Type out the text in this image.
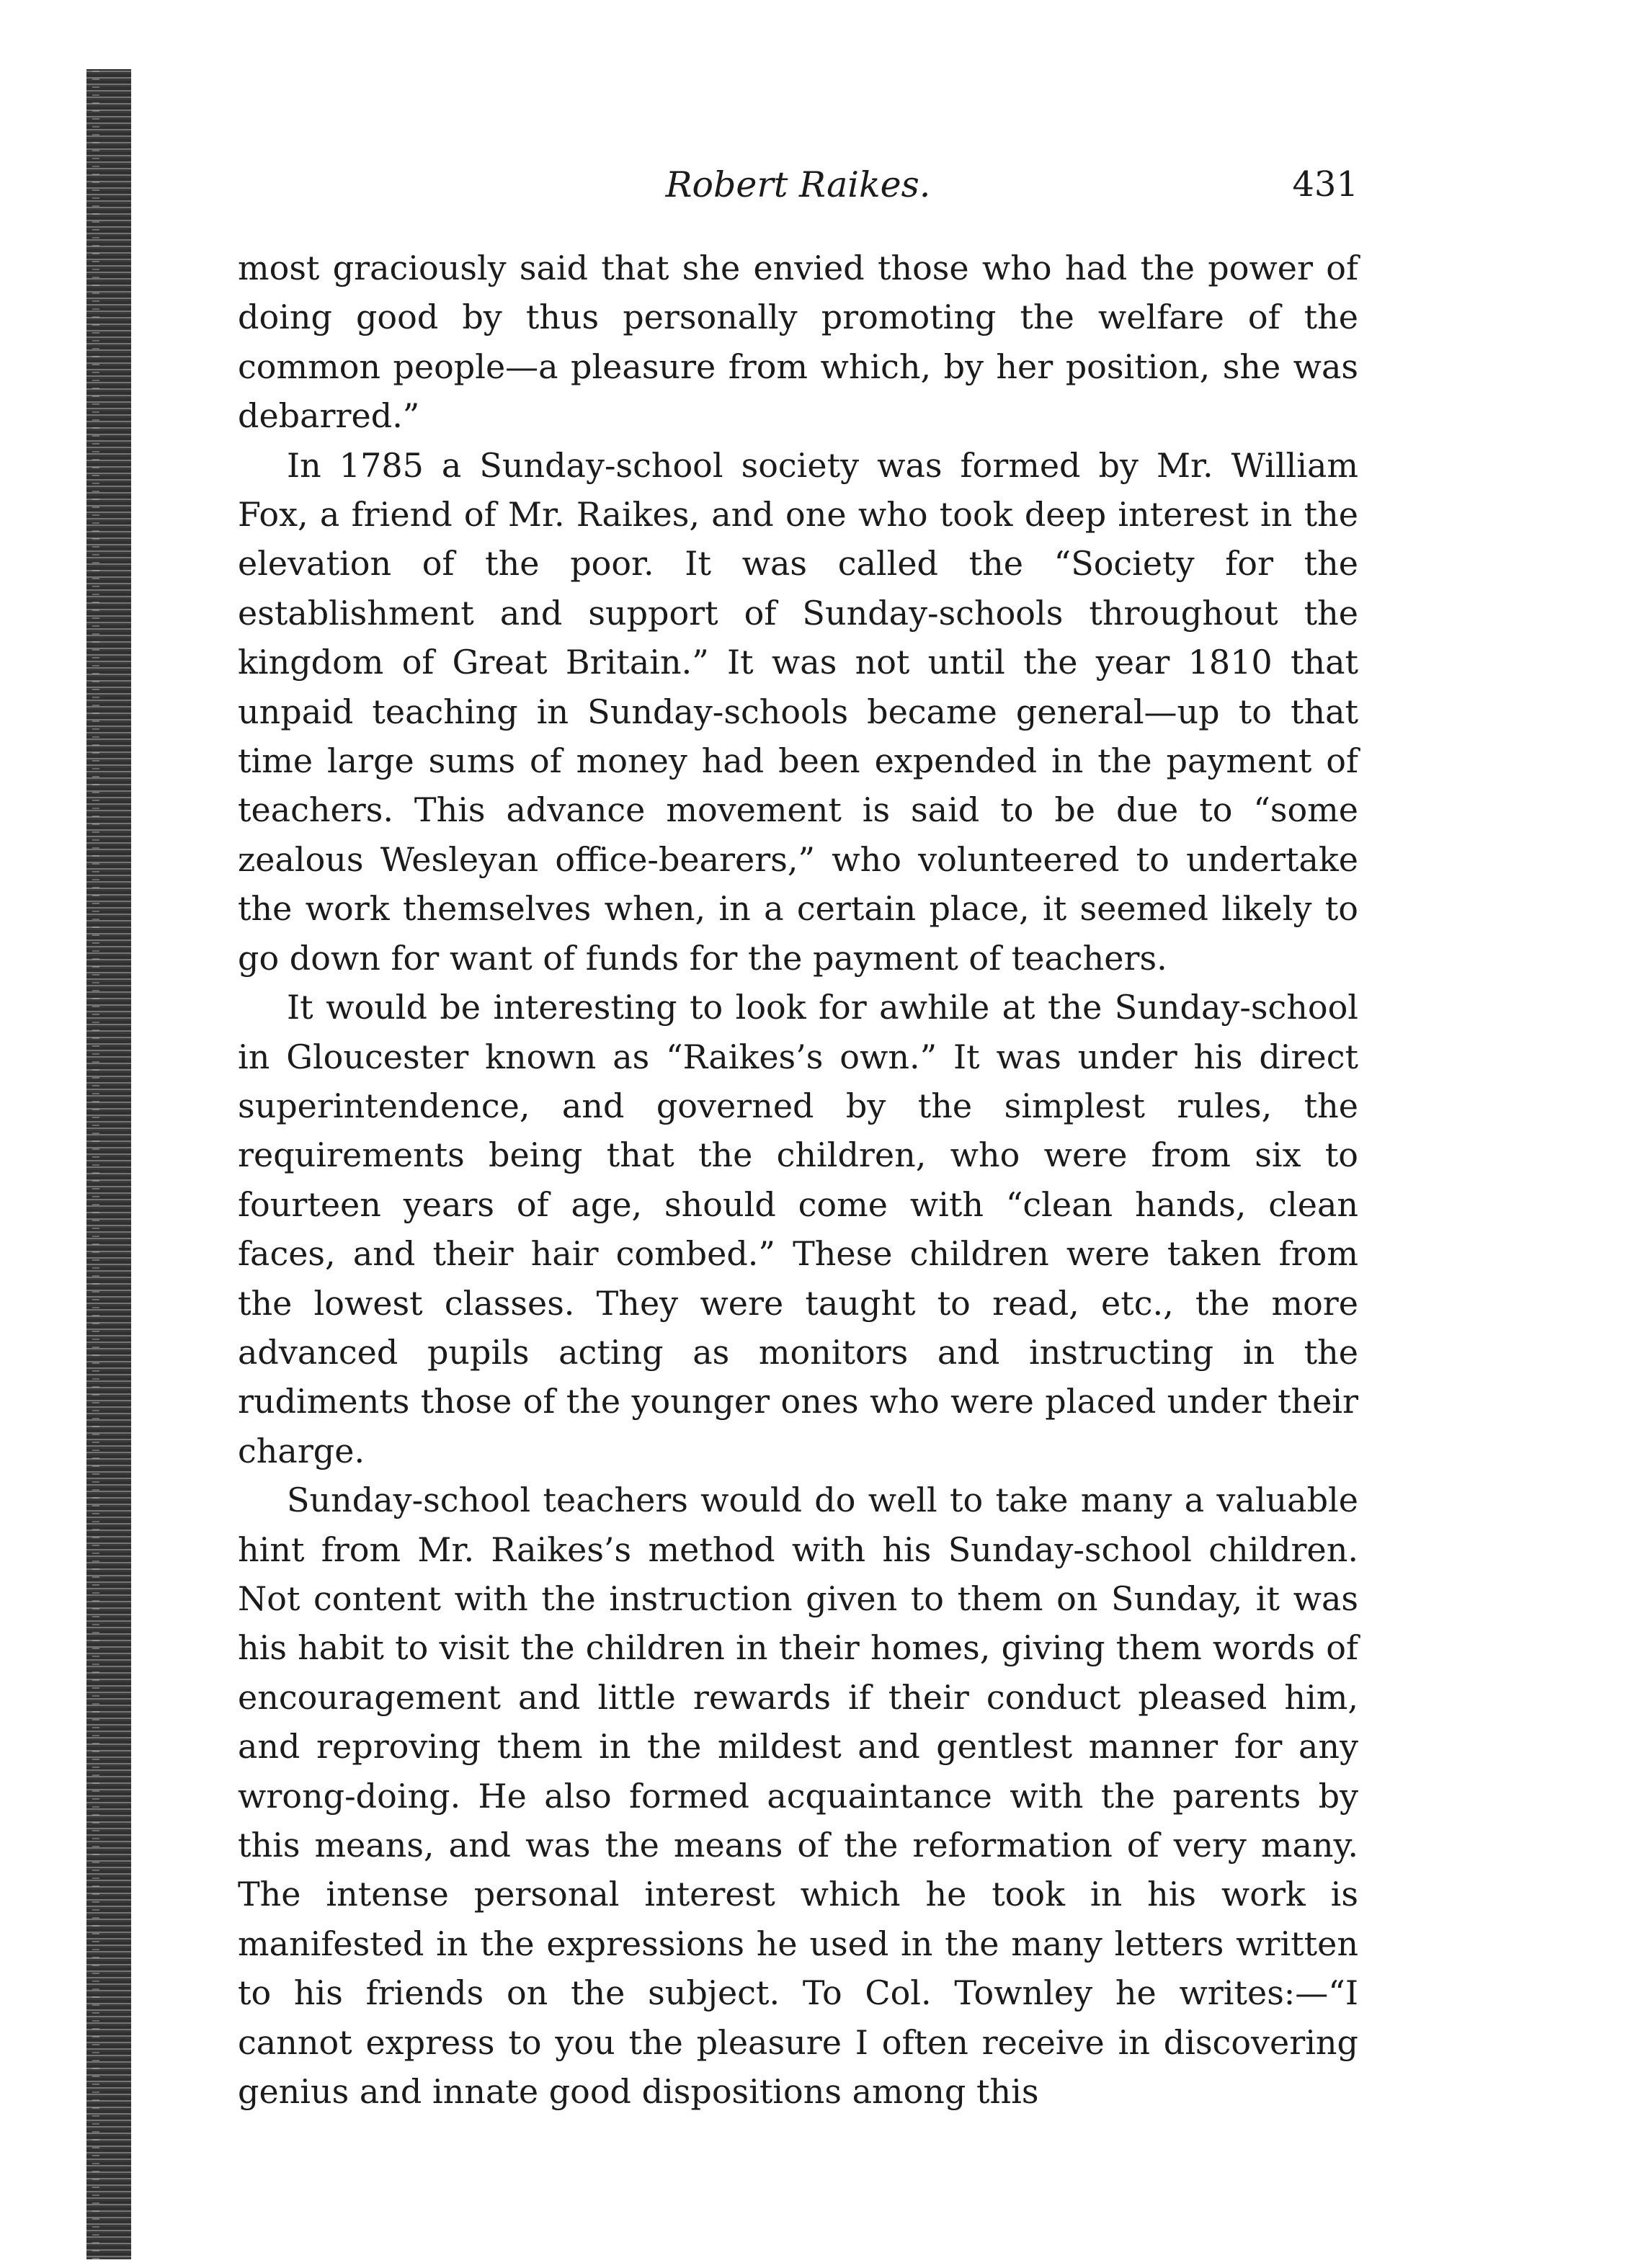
Robert Raikes.	431

most graciously said that she envied those who had the power of doing good by thus personally promoting the welfare of the common people—a pleasure from which, by her position, she was debarred.”

In 1785 a Sunday-school society was formed by Mr. William Fox, a friend of Mr. Raikes, and one who took deep interest in the elevation of the poor. It was called the “Society for the establishment and support of Sunday-schools throughout the kingdom of Great Britain.” It was not until the year 1810 that unpaid teaching in Sunday-schools became general—up to that time large sums of money had been expended in the payment of teachers. This advance movement is said to be due to “some zealous Wesleyan office-bearers,” who volunteered to undertake the work themselves when, in a certain place, it seemed likely to go down for want of funds for the payment of teachers.

It would be interesting to look for awhile at the Sunday-school in Gloucester known as “Raikes’s own.” It was under his direct superintendence, and governed by the simplest rules, the requirements being that the children, who were from six to fourteen years of age, should come with “clean hands, clean faces, and their hair combed.” These children were taken from the lowest classes. They were taught to read, etc., the more advanced pupils acting as monitors and instructing in the rudiments those of the younger ones who were placed under their charge.

Sunday-school teachers would do well to take many a valuable hint from Mr. Raikes’s method with his Sunday-school children. Not content with the instruction given to them on Sunday, it was his habit to visit the children in their homes, giving them words of encouragement and little rewards if their conduct pleased him, and reproving them in the mildest and gentlest manner for any wrong-doing. He also formed acquaintance with the parents by this means, and was the means of the reformation of very many. The intense personal interest which he took in his work is manifested in the expressions he used in the many letters written to his friends on the subject. To Col. Townley he writes:—“I cannot express to you the pleasure I often receive in discovering genius and innate good dispositions among this
